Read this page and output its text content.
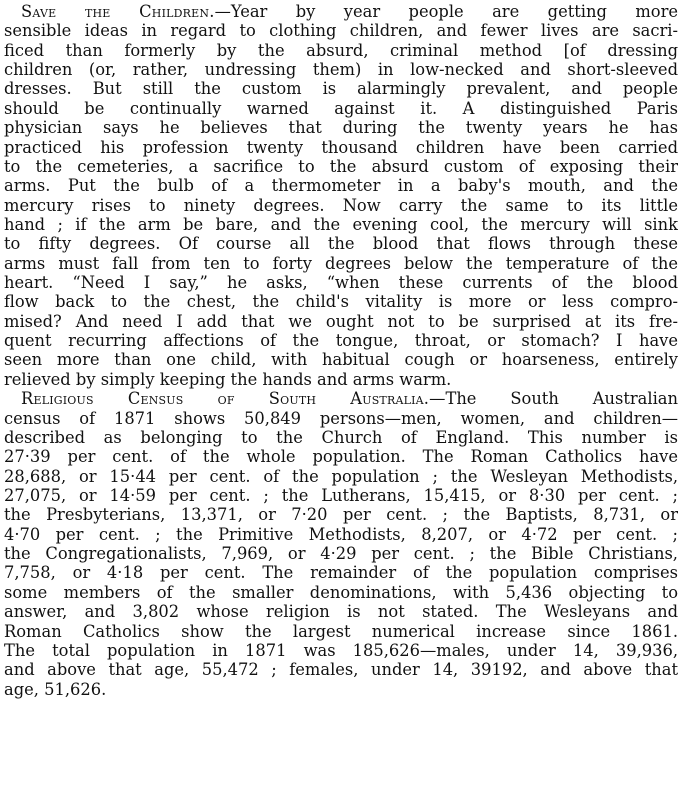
Save the Children.—Year by year people are getting more
sensible ideas in regard to clothing children, and fewer lives are sacri-
ficed than formerly by the absurd, criminal method [of dressing
children (or, rather, undressing them) in low-necked and short-sleeved
dresses. But still the custom is alarmingly prevalent, and people
should be continually warned against it. A distinguished Paris
physician says he believes that during the twenty years he has
practiced his profession twenty thousand children have been carried
to the cemeteries, a sacrifice to the absurd custom of exposing their
arms. Put the bulb of a thermometer in a baby's mouth, and the
mercury rises to ninety degrees. Now carry the same to its little
hand ; if the arm be bare, and the evening cool, the mercury will sink
to fifty degrees. Of course all the blood that flows through these
arms must fall from ten to forty degrees below the temperature of the
heart. “Need I say,” he asks, “when these currents of the blood
flow back to the chest, the child's vitality is more or less compro-
mised? And need I add that we ought not to be surprised at its fre-
quent recurring affections of the tongue, throat, or stomach? I have
seen more than one child, with habitual cough or hoarseness, entirely
relieved by simply keeping the hands and arms warm.
Religious Census of South Australia.—The South Australian
census of 1871 shows 50,849 persons—men, women, and children—
described as belonging to the Church of England. This number is
27·39 per cent. of the whole population. The Roman Catholics have
28,688, or 15·44 per cent. of the population ; the Wesleyan Methodists,
27,075, or 14·59 per cent. ; the Lutherans, 15,415, or 8·30 per cent. ;
the Presbyterians, 13,371, or 7·20 per cent. ; the Baptists, 8,731, or
4·70 per cent. ; the Primitive Methodists, 8,207, or 4·72 per cent. ;
the Congregationalists, 7,969, or 4·29 per cent. ; the Bible Christians,
7,758, or 4·18 per cent. The remainder of the population comprises
some members of the smaller denominations, with 5,436 objecting to
answer, and 3,802 whose religion is not stated. The Wesleyans and
Roman Catholics show the largest numerical increase since 1861.
The total population in 1871 was 185,626—males, under 14, 39,936,
and above that age, 55,472 ; females, under 14, 39192, and above that
age, 51,626.
